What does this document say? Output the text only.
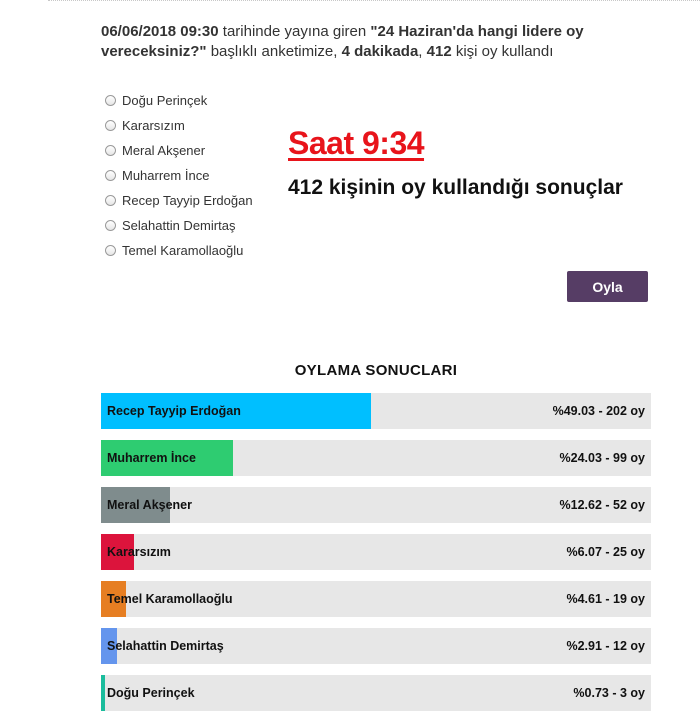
06/06/2018 09:30 tarihinde yayına giren "24 Haziran'da hangi lidere oy vereceksiniz?" başlıklı anketimize, 4 dakikada, 412 kişi oy kullandı
Doğu Perinçek
Kararsızım
Meral Akşener
Muharrem İnce
Recep Tayyip Erdoğan
Selahattin Demirtaş
Temel Karamollaoğlu
Saat 9:34
412 kişinin oy kullandığı sonuçlar
Oyla
OYLAMA SONUCLARI
Recep Tayyip Erdoğan	%49.03 - 202 oy
Muharrem İnce	%24.03 - 99 oy
Meral Akşener	%12.62 - 52 oy
Kararsızım	%6.07 - 25 oy
Temel Karamollaoğlu	%4.61 - 19 oy
Selahattin Demirtaş	%2.91 - 12 oy
Doğu Perinçek	%0.73 - 3 oy
